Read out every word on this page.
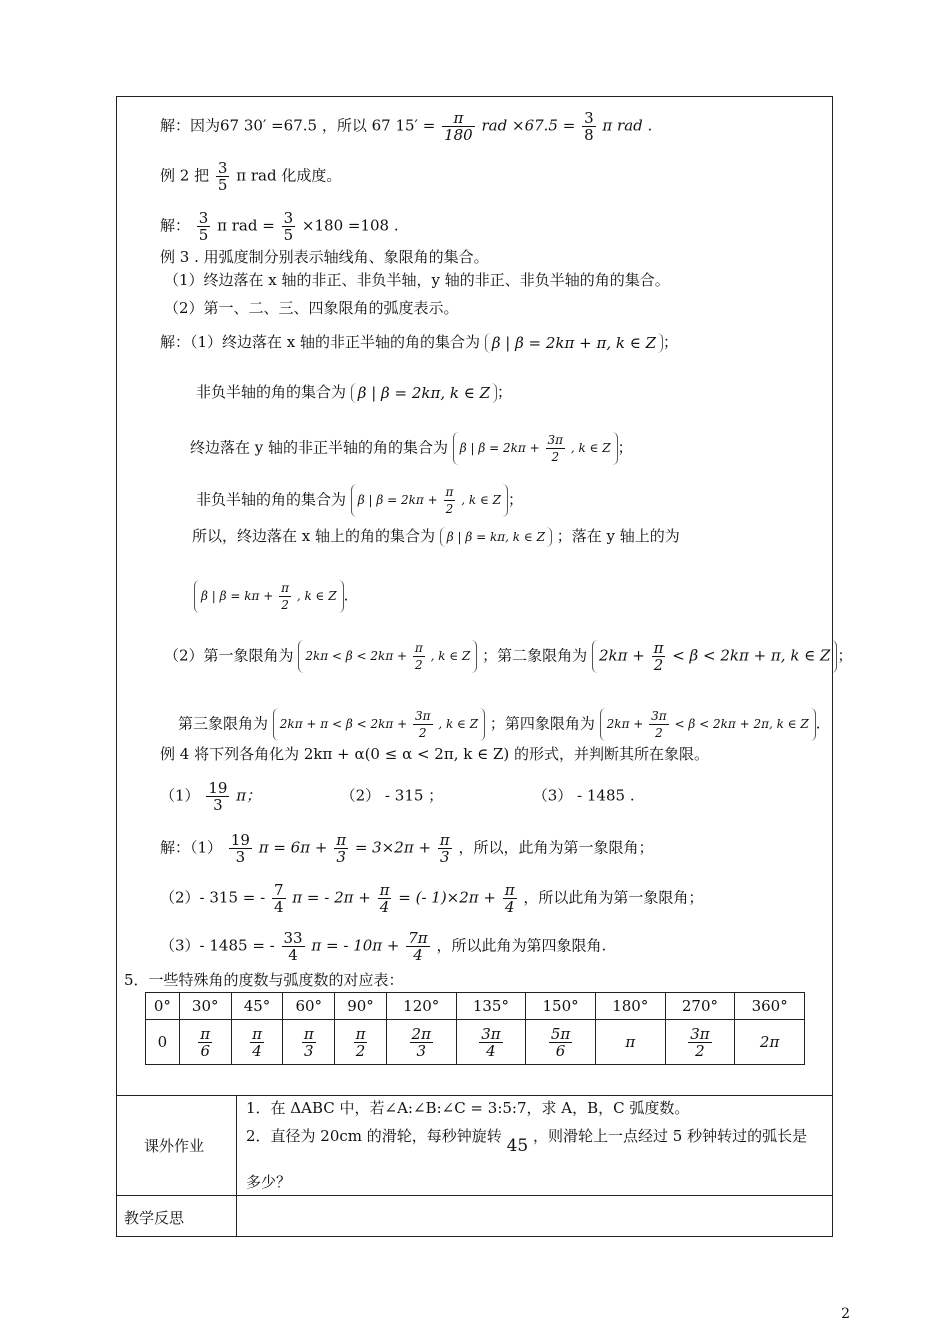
解：因为67 30′ =67.5 ，所以 67 $15' = \frac{\pi}{180}$ rad $\times 67.5 = \frac{3}{8}$ π rad .
例 2 把 $\frac{3}{5}$ π rad 化成度。
解： $\frac{3}{5}$ π rad = $\frac{3}{5} \times 180 =108$ .
例 3 . 用弧度制分别表示轴线角、象限角的集合。
（1）终边落在 x 轴的非正、非负半轴，y 轴的非正、非负半轴的角的集合。
（2）第一、二、三、四象限角的弧度表示。
解：（1）终边落在 x 轴的非正半轴的角的集合为 β | β = 2kπ + π, k ∈ Z ；
非负半轴的角的集合为 β | β = 2kπ, k ∈ Z ；
终边落在 y 轴的非正半轴的角的集合为 β | $\beta = 2k\pi + \frac{3\pi}{2}$ , k ∈ Z ；
非负半轴的角的集合为 β | $\beta = 2k\pi + \frac{\pi}{2}$ , k ∈ Z ；
所以，终边落在 x 轴上的角的集合为 β | β = kπ, k ∈ Z ；落在 y 轴上的为
β | $\beta = k\pi + \frac{\pi}{2}$ , k ∈ Z .
（2）第一象限角为 $2k\pi < \beta < 2k\pi + \frac{\pi}{2}$ , k ∈ Z ；第二象限角为 $2k\pi + \frac{\pi}{2} < \beta < 2k\pi + \pi$, k ∈ Z ；
第三象限角为 $2k\pi + \pi < \beta < 2k\pi + \frac{3\pi}{2}$ , k ∈ Z ；第四象限角为 $2k\pi + \frac{3\pi}{2} < \beta < 2k\pi + 2\pi$, k ∈ Z .
例 4 将下列各角化为 2kπ + α(0 ≤ α < 2π, k ∈ Z) 的形式，并判断其所在象限。
$(1) \frac{19}{3}$ π；	（2） - 315 ；	（3） - 1485 .
解：$(1) \frac{19}{3}$ $\pi = 6\pi + \frac{\pi}{3} = 3\times 2\pi + \frac{\pi}{3}$ ，所以，此角为第一象限角；
（2）- 315 = - $\frac{7}{4}$ π = - $2\pi + \frac{\pi}{4}$ = (- $1)\times 2\pi + \frac{\pi}{4}$ ，所以此角为第一象限角；
（3）- 1485 = - $\frac{33}{4}$ π = - $10\pi + \frac{7\pi}{4}$ ，所以此角为第四象限角.
5．一些特殊角的度数与弧度数的对应表：
0°	30°	45°	60°	90°	120°	135°	150°	180°	270°	360°
0	$\frac{\pi}{6}$	$\frac{\pi}{4}$	$\frac{\pi}{3}$	$\frac{\pi}{2}$	$\frac{2\pi}{3}$	$\frac{3\pi}{4}$	$\frac{5\pi}{6}$	π	$\frac{3\pi}{2}$	2π
课外作业
1．在 ΔABC 中，若∠A:∠B:∠C = 3:5:7，求 A，B，C 弧度数。
2．直径为 20cm 的滑轮，每秒钟旋转 45 ，则滑轮上一点经过 5 秒钟转过的弧长是
多少？
教学反思
2
